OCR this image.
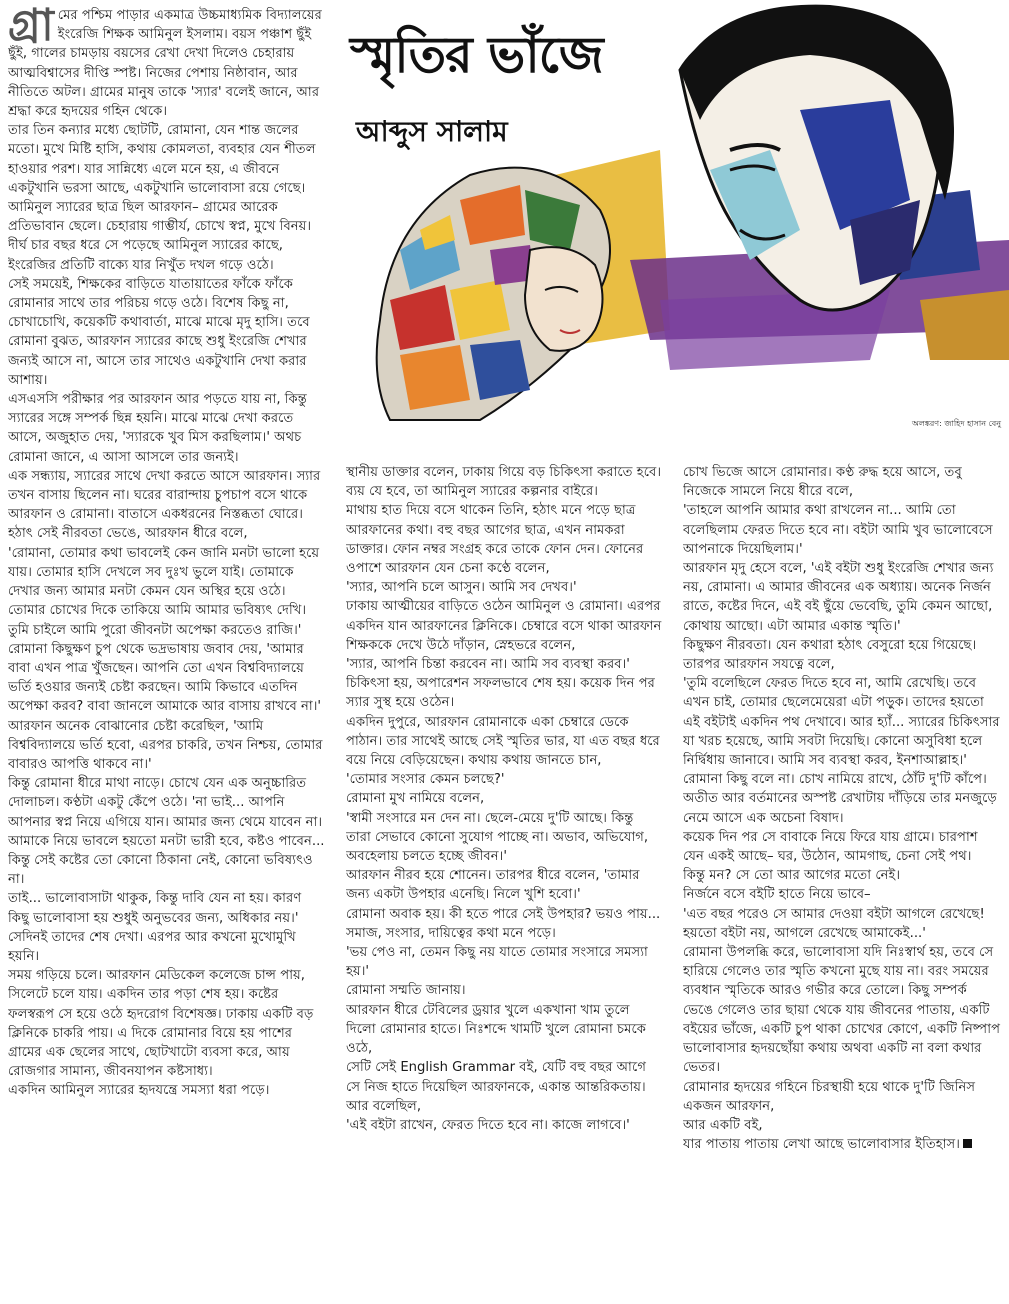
স্মৃতির ভাঁজে
আব্দুস সালাম
অলঙ্করণ: জাহিদ হাসান বেনু
গ্রা মের পশ্চিম পাড়ার একমাত্র উচ্চমাধ্যমিক বিদ্যালয়ের ইংরেজি শিক্ষক আমিনুল ইসলাম। বয়স পঞ্চাশ ছুঁই ছুঁই, গালের চামড়ায় বয়সের রেখা দেখা দিলেও চেহারায় আত্মবিশ্বাসের দীপ্তি স্পষ্ট। নিজের পেশায় নিষ্ঠাবান, আর নীতিতে অটল। গ্রামের মানুষ তাকে 'স্যার' বলেই জানে, আর শ্রদ্ধা করে হৃদয়ের গহিন থেকে।

তার তিন কন্যার মধ্যে ছোটটি, রোমানা, যেন শান্ত জলের মতো। মুখে মিষ্টি হাসি, কথায় কোমলতা, ব্যবহার যেন শীতল হাওয়ার পরশ। যার সান্নিধ্যে এলে মনে হয়, এ জীবনে একটুখানি ভরসা আছে, একটুখানি ভালোবাসা রয়ে গেছে।

আমিনুল স্যারের ছাত্র ছিল আরফান– গ্রামের আরেক প্রতিভাবান ছেলে। চেহারায় গাম্ভীর্য, চোখে স্বপ্ন, মুখে বিনয়। দীর্ঘ চার বছর ধরে সে পড়েছে আমিনুল স্যারের কাছে, ইংরেজির প্রতিটি বাক্যে যার নিখুঁত দখল গড়ে ওঠে।

সেই সময়েই, শিক্ষকের বাড়িতে যাতায়াতের ফাঁকে ফাঁকে রোমানার সাথে তার পরিচয় গড়ে ওঠে। বিশেষ কিছু না, চোখাচোখি, কয়েকটি কথাবার্তা, মাঝে মাঝে মৃদু হাসি। তবে রোমানা বুঝত, আরফান স্যারের কাছে শুধু ইংরেজি শেখার জন্যই আসে না, আসে তার সাথেও একটুখানি দেখা করার আশায়।

এসএসসি পরীক্ষার পর আরফান আর পড়তে যায় না, কিন্তু স্যারের সঙ্গে সম্পর্ক ছিন্ন হয়নি। মাঝে মাঝে দেখা করতে আসে, অজুহাত দেয়, 'স্যারকে খুব মিস করছিলাম।' অথচ রোমানা জানে, এ আসা আসলে তার জন্যই।

এক সন্ধ্যায়, স্যারের সাথে দেখা করতে আসে আরফান। স্যার তখন বাসায় ছিলেন না। ঘরের বারান্দায় চুপচাপ বসে থাকে আরফান ও রোমানা। বাতাসে একধরনের নিস্তব্ধতা ঘোরে। হঠাৎ সেই নীরবতা ভেঙে, আরফান ধীরে বলে,

'রোমানা, তোমার কথা ভাবলেই কেন জানি মনটা ভালো হয়ে যায়। তোমার হাসি দেখলে সব দুঃখ ভুলে যাই। তোমাকে দেখার জন্য আমার মনটা কেমন যেন অস্থির হয়ে ওঠে। তোমার চোখের দিকে তাকিয়ে আমি আমার ভবিষ্যৎ দেখি। তুমি চাইলে আমি পুরো জীবনটা অপেক্ষা করতেও রাজি।'

রোমানা কিছুক্ষণ চুপ থেকে ভদ্রভাষায় জবাব দেয়, 'আমার বাবা এখন পাত্র খুঁজছেন। আপনি তো এখন বিশ্ববিদ্যালয়ে ভর্তি হওয়ার জন্যই চেষ্টা করছেন। আমি কিভাবে এতদিন অপেক্ষা করব? বাবা জানলে আমাকে আর বাসায় রাখবে না।'

আরফান অনেক বোঝানোর চেষ্টা করেছিল, 'আমি বিশ্ববিদ্যালয়ে ভর্তি হবো, এরপর চাকরি, তখন নিশ্চয়, তোমার বাবারও আপত্তি থাকবে না।'

কিন্তু রোমানা ধীরে মাথা নাড়ে। চোখে যেন এক অনুচ্চারিত দোলাচল। কণ্ঠটা একটু কেঁপে ওঠে। 'না ভাই... আপনি আপনার স্বপ্ন নিয়ে এগিয়ে যান। আমার জন্য থেমে যাবেন না।

আমাকে নিয়ে ভাবলে হয়তো মনটা ভারী হবে, কষ্টও পাবেন...

কিন্তু সেই কষ্টের তো কোনো ঠিকানা নেই, কোনো ভবিষ্যৎও না।

তাই... ভালোবাসাটা থাকুক, কিন্তু দাবি যেন না হয়। কারণ কিছু ভালোবাসা হয় শুধুই অনুভবের জন্য, অধিকার নয়।' সেদিনই তাদের শেষ দেখা। এরপর আর কখনো মুখোমুখি হয়নি।

সময় গড়িয়ে চলে। আরফান মেডিকেল কলেজে চান্স পায়, সিলেটে চলে যায়। একদিন তার পড়া শেষ হয়। কষ্টের ফলস্বরূপ সে হয়ে ওঠে হৃদরোগ বিশেষজ্ঞ। ঢাকায় একটি বড় ক্লিনিকে চাকরি পায়। এ দিকে রোমানার বিয়ে হয় পাশের গ্রামের এক ছেলের সাথে, ছোটখাটো ব্যবসা করে, আয় রোজগার সামান্য, জীবনযাপন কষ্টসাধ্য।

একদিন আমিনুল স্যারের হৃদযন্ত্রে সমস্যা ধরা পড়ে।

স্থানীয় ডাক্তার বলেন, ঢাকায় গিয়ে বড় চিকিৎসা করাতে হবে। ব্যয় যে হবে, তা আমিনুল স্যারের কল্পনার বাইরে।

মাথায় হাত দিয়ে বসে থাকেন তিনি, হঠাৎ মনে পড়ে ছাত্র আরফানের কথা। বহু বছর আগের ছাত্র, এখন নামকরা ডাক্তার। ফোন নম্বর সংগ্রহ করে তাকে ফোন দেন। ফোনের ওপাশে আরফান যেন চেনা কণ্ঠে বলেন,

'স্যার, আপনি চলে আসুন। আমি সব দেখব।'

ঢাকায় আত্মীয়ের বাড়িতে ওঠেন আমিনুল ও রোমানা। এরপর একদিন যান আরফানের ক্লিনিকে। চেম্বারে বসে থাকা আরফান শিক্ষককে দেখে উঠে দাঁড়ান, স্নেহভরে বলেন,

'স্যার, আপনি চিন্তা করবেন না। আমি সব ব্যবস্থা করব।'

চিকিৎসা হয়, অপারেশন সফলভাবে শেষ হয়। কয়েক দিন পর স্যার সুস্থ হয়ে ওঠেন।

একদিন দুপুরে, আরফান রোমানাকে একা চেম্বারে ডেকে পাঠান। তার সাথেই আছে সেই স্মৃতির ভার, যা এত বছর ধরে বয়ে নিয়ে বেড়িয়েছেন। কথায় কথায় জানতে চান,

'তোমার সংসার কেমন চলছে?'

রোমানা মুখ নামিয়ে বলেন,

'স্বামী সংসারে মন দেন না। ছেলে-মেয়ে দু'টি আছে। কিন্তু তারা সেভাবে কোনো সুযোগ পাচ্ছে না। অভাব, অভিযোগ, অবহেলায় চলতে হচ্ছে জীবন।'

আরফান নীরব হয়ে শোনেন। তারপর ধীরে বলেন, 'তামার জন্য একটা উপহার এনেছি। নিলে খুশি হবো।'

রোমানা অবাক হয়। কী হতে পারে সেই উপহার? ভয়ও পায়... সমাজ, সংসার, দায়িত্বের কথা মনে পড়ে।

'ভয় পেও না, তেমন কিছু নয় যাতে তোমার সংসারে সমস্যা হয়।'

রোমানা সম্মতি জানায়।

আরফান ধীরে টেবিলের ড্রয়ার খুলে একখানা খাম তুলে দিলো রোমানার হাতে। নিঃশব্দে খামটি খুলে রোমানা চমকে ওঠে,

সেটি সেই English Grammar বই, যেটি বহু বছর আগে সে নিজ হাতে দিয়েছিল আরফানকে, একান্ত আন্তরিকতায়। আর বলেছিল,

'এই বইটা রাখেন, ফেরত দিতে হবে না। কাজে লাগবে।'

চোখ ভিজে আসে রোমানার। কণ্ঠ রুদ্ধ হয়ে আসে, তবু নিজেকে সামলে নিয়ে ধীরে বলে,

'তাহলে আপনি আমার কথা রাখলেন না... আমি তো বলেছিলাম ফেরত দিতে হবে না। বইটা আমি খুব ভালোবেসে আপনাকে দিয়েছিলাম।'

আরফান মৃদু হেসে বলে, 'এই বইটা শুধু ইংরেজি শেখার জন্য নয়, রোমানা। এ আমার জীবনের এক অধ্যায়। অনেক নির্জন রাতে, কষ্টের দিনে, এই বই ছুঁয়ে ভেবেছি, তুমি কেমন আছো, কোথায় আছো। এটা আমার একান্ত স্মৃতি।'

কিছুক্ষণ নীরবতা। যেন কথারা হঠাৎ বেসুরো হয়ে গিয়েছে। তারপর আরফান সযত্নে বলে,

'তুমি বলেছিলে ফেরত দিতে হবে না, আমি রেখেছি। তবে এখন চাই, তোমার ছেলেমেয়েরা এটা পড়ুক। তাদের হয়তো এই বইটাই একদিন পথ দেখাবে। আর হ্যাঁ... স্যারের চিকিৎসার যা খরচ হয়েছে, আমি সবটা দিয়েছি। কোনো অসুবিধা হলে নির্দ্বিধায় জানাবে। আমি সব ব্যবস্থা করব, ইনশাআল্লাহ।'

রোমানা কিছু বলে না। চোখ নামিয়ে রাখে, ঠোঁট দু'টি কাঁপে। অতীত আর বর্তমানের অস্পষ্ট রেখাটায় দাঁড়িয়ে তার মনজুড়ে নেমে আসে এক অচেনা বিষাদ।

কয়েক দিন পর সে বাবাকে নিয়ে ফিরে যায় গ্রামে। চারপাশ যেন একই আছে– ঘর, উঠোন, আমগাছ, চেনা সেই পথ।

কিন্তু মন? সে তো আর আগের মতো নেই।

নির্জনে বসে বইটি হাতে নিয়ে ভাবে–

'এত বছর পরেও সে আমার দেওয়া বইটা আগলে রেখেছে! হয়তো বইটা নয়, আগলে রেখেছে আমাকেই...'

রোমানা উপলব্ধি করে, ভালোবাসা যদি নিঃস্বার্থ হয়, তবে সে হারিয়ে গেলেও তার স্মৃতি কখনো মুছে যায় না। বরং সময়ের ব্যবধান স্মৃতিকে আরও গভীর করে তোলে। কিছু সম্পর্ক ভেঙে গেলেও তার ছায়া থেকে যায় জীবনের পাতায়, একটি বইয়ের ভাঁজে, একটি চুপ থাকা চোখের কোণে, একটি নিষ্পাপ ভালোবাসার হৃদয়ছোঁয়া কথায় অথবা একটি না বলা কথার ভেতর।

রোমানার হৃদয়ের গহিনে চিরস্থায়ী হয়ে থাকে দু'টি জিনিস

একজন আরফান,

আর একটি বই,

যার পাতায় পাতায় লেখা আছে ভালোবাসার ইতিহাস।
